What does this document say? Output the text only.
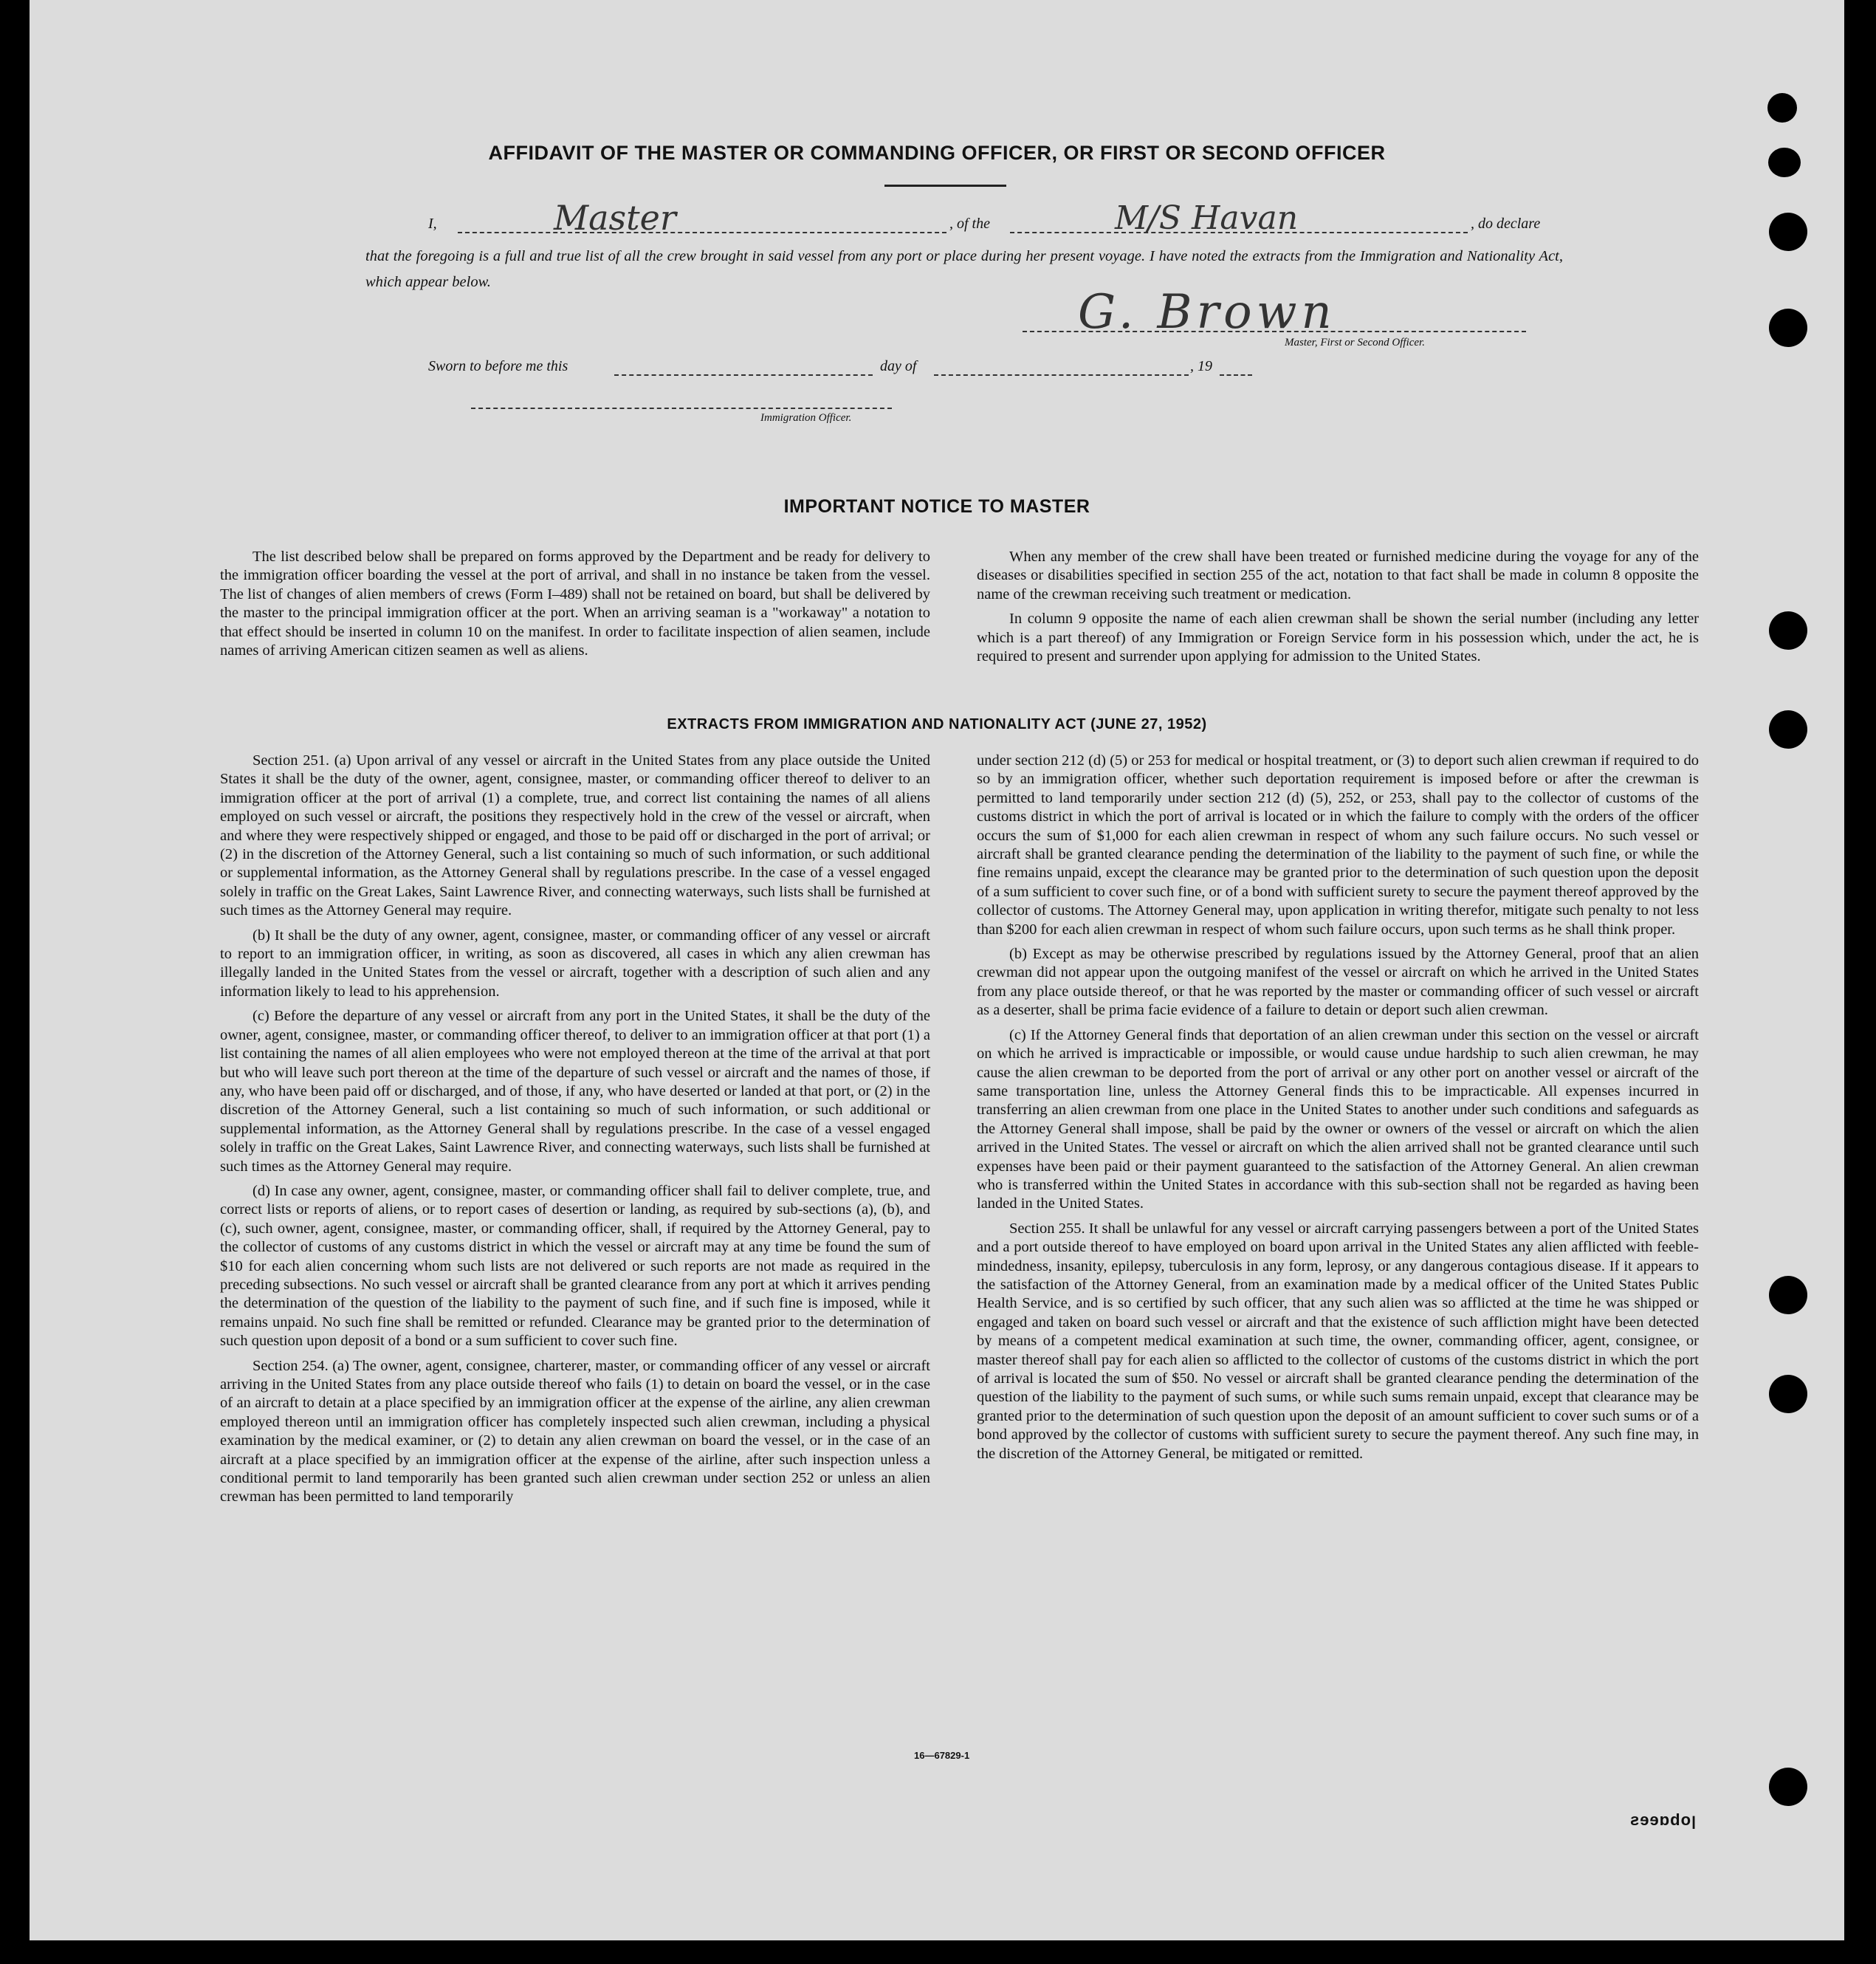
AFFIDAVIT OF THE MASTER OR COMMANDING OFFICER, OR FIRST OR SECOND OFFICER
I,	Master	, of the	M/S Havan	, do declare
that the foregoing is a full and true list of all the crew brought in said vessel from any port or place during her present voyage. I have noted the extracts from the Immigration and Nationality Act, which appear below.
G. Brown
Master, First or Second Officer.
Sworn to before me this	day of	, 19
Immigration Officer.
IMPORTANT NOTICE TO MASTER

The list described below shall be prepared on forms approved by the Department and be ready for delivery to the immigration officer boarding the vessel at the port of arrival, and shall in no instance be taken from the vessel. The list of changes of alien members of crews (Form I–489) shall not be retained on board, but shall be delivered by the master to the principal immigration officer at the port. When an arriving seaman is a "workaway" a notation to that effect should be inserted in column 10 on the manifest. In order to facilitate inspection of alien seamen, include names of arriving American citizen seamen as well as aliens.

When any member of the crew shall have been treated or furnished medicine during the voyage for any of the diseases or disabilities specified in section 255 of the act, notation to that fact shall be made in column 8 opposite the name of the crewman receiving such treatment or medication.

In column 9 opposite the name of each alien crewman shall be shown the serial number (including any letter which is a part thereof) of any Immigration or Foreign Service form in his possession which, under the act, he is required to present and surrender upon applying for admission to the United States.

EXTRACTS FROM IMMIGRATION AND NATIONALITY ACT (JUNE 27, 1952)

Section 251. (a) Upon arrival of any vessel or aircraft in the United States from any place outside the United States it shall be the duty of the owner, agent, consignee, master, or commanding officer thereof to deliver to an immigration officer at the port of arrival (1) a complete, true, and correct list containing the names of all aliens employed on such vessel or aircraft, the positions they respectively hold in the crew of the vessel or aircraft, when and where they were respectively shipped or engaged, and those to be paid off or discharged in the port of arrival; or (2) in the discretion of the Attorney General, such a list containing so much of such information, or such additional or supplemental information, as the Attorney General shall by regulations prescribe. In the case of a vessel engaged solely in traffic on the Great Lakes, Saint Lawrence River, and connecting waterways, such lists shall be furnished at such times as the Attorney General may require.

(b) It shall be the duty of any owner, agent, consignee, master, or commanding officer of any vessel or aircraft to report to an immigration officer, in writing, as soon as discovered, all cases in which any alien crewman has illegally landed in the United States from the vessel or aircraft, together with a description of such alien and any information likely to lead to his apprehension.

(c) Before the departure of any vessel or aircraft from any port in the United States, it shall be the duty of the owner, agent, consignee, master, or commanding officer thereof, to deliver to an immigration officer at that port (1) a list containing the names of all alien employees who were not employed thereon at the time of the arrival at that port but who will leave such port thereon at the time of the departure of such vessel or aircraft and the names of those, if any, who have been paid off or discharged, and of those, if any, who have deserted or landed at that port, or (2) in the discretion of the Attorney General, such a list containing so much of such information, or such additional or supplemental information, as the Attorney General shall by regulations prescribe. In the case of a vessel engaged solely in traffic on the Great Lakes, Saint Lawrence River, and connecting waterways, such lists shall be furnished at such times as the Attorney General may require.

(d) In case any owner, agent, consignee, master, or commanding officer shall fail to deliver complete, true, and correct lists or reports of aliens, or to report cases of desertion or landing, as required by sub-sections (a), (b), and (c), such owner, agent, consignee, master, or commanding officer, shall, if required by the Attorney General, pay to the collector of customs of any customs district in which the vessel or aircraft may at any time be found the sum of $10 for each alien concerning whom such lists are not delivered or such reports are not made as required in the preceding subsections. No such vessel or aircraft shall be granted clearance from any port at which it arrives pending the determination of the question of the liability to the payment of such fine, and if such fine is imposed, while it remains unpaid. No such fine shall be remitted or refunded. Clearance may be granted prior to the determination of such question upon deposit of a bond or a sum sufficient to cover such fine.

Section 254. (a) The owner, agent, consignee, charterer, master, or commanding officer of any vessel or aircraft arriving in the United States from any place outside thereof who fails (1) to detain on board the vessel, or in the case of an aircraft to detain at a place specified by an immigration officer at the expense of the airline, any alien crewman employed thereon until an immigration officer has completely inspected such alien crewman, including a physical examination by the medical examiner, or (2) to detain any alien crewman on board the vessel, or in the case of an aircraft at a place specified by an immigration officer at the expense of the airline, after such inspection unless a conditional permit to land temporarily has been granted such alien crewman under section 252 or unless an alien crewman has been permitted to land temporarily

under section 212 (d) (5) or 253 for medical or hospital treatment, or (3) to deport such alien crewman if required to do so by an immigration officer, whether such deportation requirement is imposed before or after the crewman is permitted to land temporarily under section 212 (d) (5), 252, or 253, shall pay to the collector of customs of the customs district in which the port of arrival is located or in which the failure to comply with the orders of the officer occurs the sum of $1,000 for each alien crewman in respect of whom any such failure occurs. No such vessel or aircraft shall be granted clearance pending the determination of the liability to the payment of such fine, or while the fine remains unpaid, except the clearance may be granted prior to the determination of such question upon the deposit of a sum sufficient to cover such fine, or of a bond with sufficient surety to secure the payment thereof approved by the collector of customs. The Attorney General may, upon application in writing therefor, mitigate such penalty to not less than $200 for each alien crewman in respect of whom such failure occurs, upon such terms as he shall think proper.

(b) Except as may be otherwise prescribed by regulations issued by the Attorney General, proof that an alien crewman did not appear upon the outgoing manifest of the vessel or aircraft on which he arrived in the United States from any place outside thereof, or that he was reported by the master or commanding officer of such vessel or aircraft as a deserter, shall be prima facie evidence of a failure to detain or deport such alien crewman.

(c) If the Attorney General finds that deportation of an alien crewman under this section on the vessel or aircraft on which he arrived is impracticable or impossible, or would cause undue hardship to such alien crewman, he may cause the alien crewman to be deported from the port of arrival or any other port on another vessel or aircraft of the same transportation line, unless the Attorney General finds this to be impracticable. All expenses incurred in transferring an alien crewman from one place in the United States to another under such conditions and safeguards as the Attorney General shall impose, shall be paid by the owner or owners of the vessel or aircraft on which the alien arrived in the United States. The vessel or aircraft on which the alien arrived shall not be granted clearance until such expenses have been paid or their payment guaranteed to the satisfaction of the Attorney General. An alien crewman who is transferred within the United States in accordance with this sub-section shall not be regarded as having been landed in the United States.

Section 255. It shall be unlawful for any vessel or aircraft carrying passengers between a port of the United States and a port outside thereof to have employed on board upon arrival in the United States any alien afflicted with feeble-mindedness, insanity, epilepsy, tuberculosis in any form, leprosy, or any dangerous contagious disease. If it appears to the satisfaction of the Attorney General, from an examination made by a medical officer of the United States Public Health Service, and is so certified by such officer, that any such alien was so afflicted at the time he was shipped or engaged and taken on board such vessel or aircraft and that the existence of such affliction might have been detected by means of a competent medical examination at such time, the owner, commanding officer, agent, consignee, or master thereof shall pay for each alien so afflicted to the collector of customs of the customs district in which the port of arrival is located the sum of $50. No vessel or aircraft shall be granted clearance pending the determination of the question of the liability to the payment of such sums, or while such sums remain unpaid, except that clearance may be granted prior to the determination of such question upon the deposit of an amount sufficient to cover such sums or of a bond approved by the collector of customs with sufficient surety to secure the payment thereof. Any such fine may, in the discretion of the Attorney General, be mitigated or remitted.

16—67829-1
ƨɘɘɒdoꞁ
